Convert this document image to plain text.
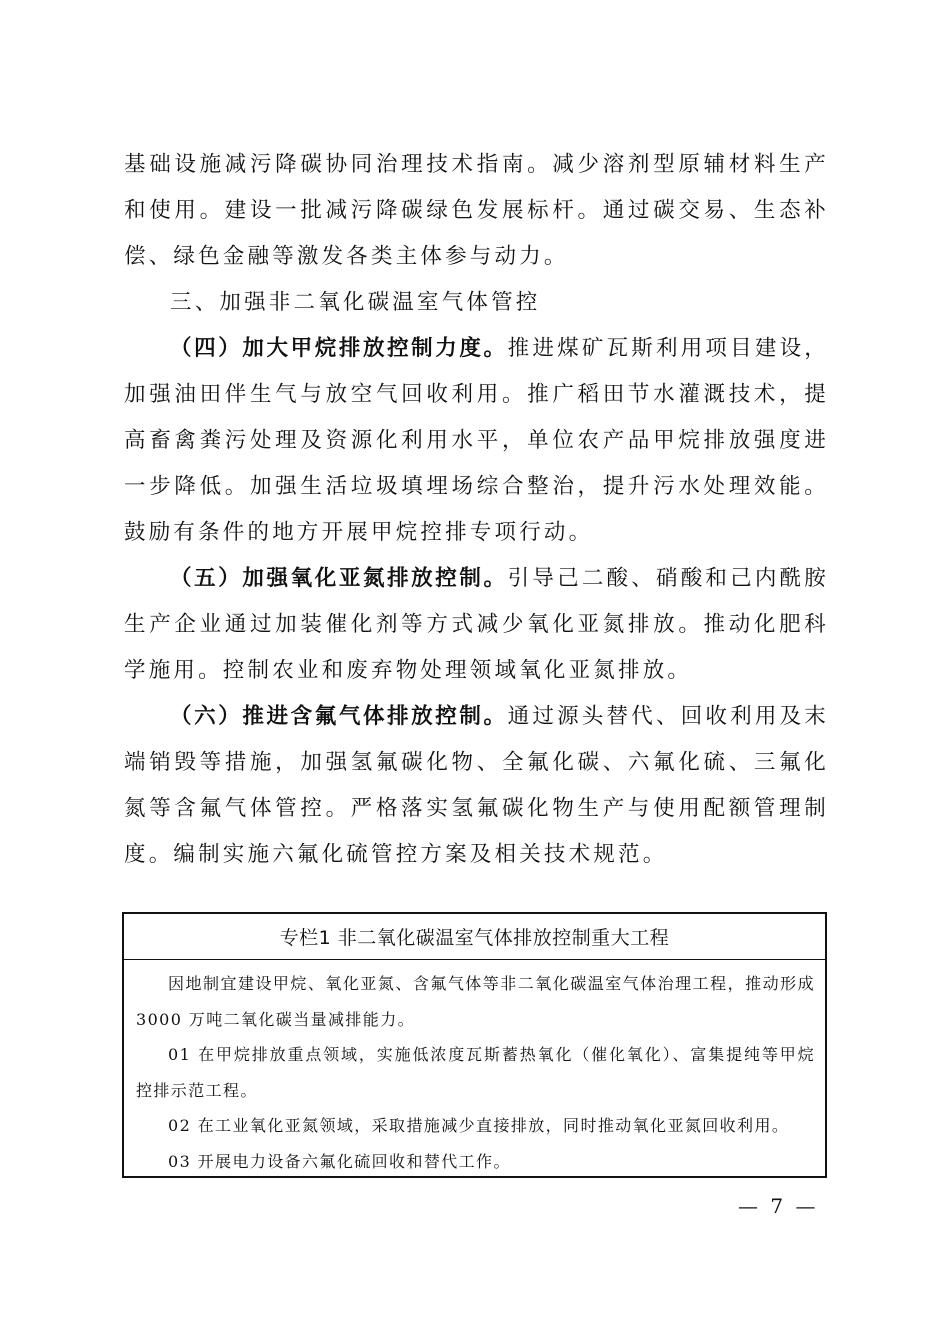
基础设施减污降碳协同治理技术指南。减少溶剂型原辅材料生产和使用。建设一批减污降碳绿色发展标杆。通过碳交易、生态补偿、绿色金融等激发各类主体参与动力。

三、加强非二氧化碳温室气体管控

（四）加大甲烷排放控制力度。推进煤矿瓦斯利用项目建设，加强油田伴生气与放空气回收利用。推广稻田节水灌溉技术，提高畜禽粪污处理及资源化利用水平，单位农产品甲烷排放强度进一步降低。加强生活垃圾填埋场综合整治，提升污水处理效能。鼓励有条件的地方开展甲烷控排专项行动。

（五）加强氧化亚氮排放控制。引导己二酸、硝酸和己内酰胺生产企业通过加装催化剂等方式减少氧化亚氮排放。推动化肥科学施用。控制农业和废弃物处理领域氧化亚氮排放。

（六）推进含氟气体排放控制。通过源头替代、回收利用及末端销毁等措施，加强氢氟碳化物、全氟化碳、六氟化硫、三氟化氮等含氟气体管控。严格落实氢氟碳化物生产与使用配额管理制度。编制实施六氟化硫管控方案及相关技术规范。

专栏1 非二氧化碳温室气体排放控制重大工程

因地制宜建设甲烷、氧化亚氮、含氟气体等非二氧化碳温室气体治理工程，推动形成 3000 万吨二氧化碳当量减排能力。

01 在甲烷排放重点领域，实施低浓度瓦斯蓄热氧化（催化氧化）、富集提纯等甲烷控排示范工程。

02 在工业氧化亚氮领域，采取措施减少直接排放，同时推动氧化亚氮回收利用。

03 开展电力设备六氟化硫回收和替代工作。

— 7 —
